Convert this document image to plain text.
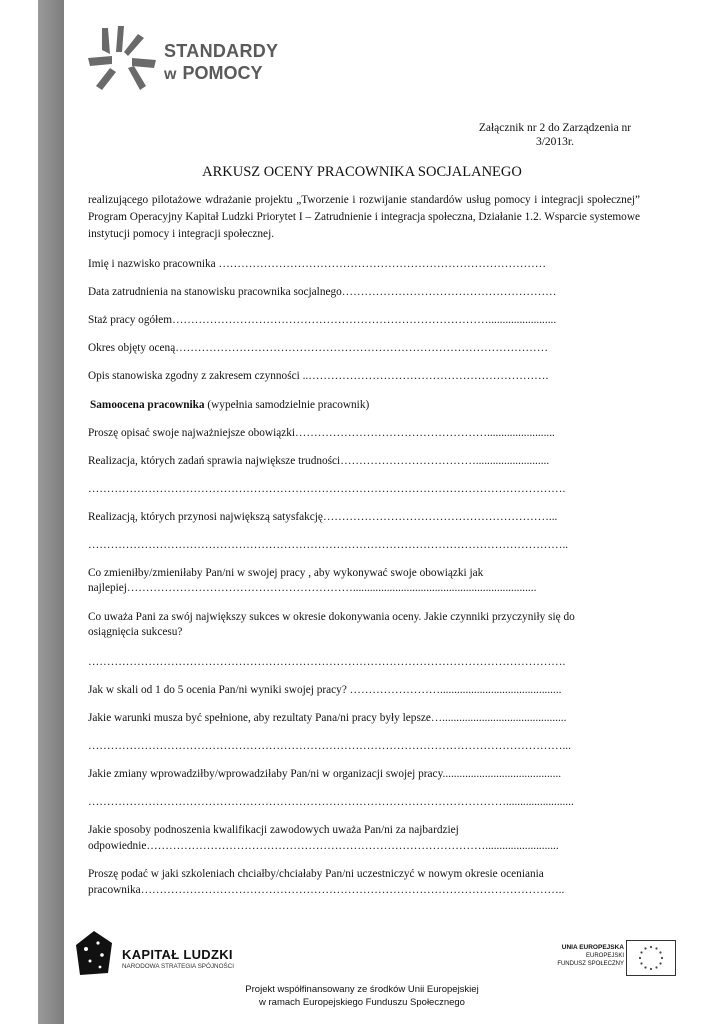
STANDARDY
w POMOCY
Załącznik nr 2 do Zarządzenia nr
3/2013r.
ARKUSZ OCENY PRACOWNIKA SOCJALANEGO
realizującego pilotażowe wdrażanie projektu „Tworzenie i rozwijanie standardów usług pomocy i integracji społecznej” Program Operacyjny Kapitał Ludzki Priorytet I – Zatrudnienie i integracja społeczna, Działanie 1.2. Wsparcie systemowe instytucji pomocy i integracji społecznej.
Imię i nazwisko pracownika ……………………………………………………………………………
Data zatrudnienia na stanowisku pracownika socjalnego…………………………………………………
Staż pracy ogółem…………………………………………………………………………........................
Okres objęty oceną………………………………………………………………………………………
Opis stanowiska zgodny z zakresem czynności ..……………………………………………………….
Samoocena pracownika (wypełnia samodzielnie pracownik)
Proszę opisać swoje najważniejsze obowiązki……………………………………………........................
Realizacja, których zadań sprawia największe trudności………………………………..........................
……………………………………………………………………………………………………………….
Realizacją, których przynosi największą satysfakcję……………………………………………………...
………………………………………………………………………………………………………………..
Co zmieniłby/zmieniłaby Pan/ni w swojej pracy , aby wykonywać swoje obowiązki jak
najlepiej…………………………………………………….................................................................
Co uważa Pani za swój największy sukces w okresie dokonywania oceny. Jakie czynniki przyczyniły się do
osiągnięcia sukcesu?
……………………………………………………………………………………………………………….
Jak w skali od 1 do 5 ocenia Pan/ni wyniki swojej pracy? ……………………...........................................
Jakie warunki musza być spełnione, aby rezultaty Pana/ni pracy były lepsze…............................................
………………………………………………………………………………………………………………...
Jakie zmiany wprowadziłby/wprowadziłaby Pan/ni w organizacji swojej pracy..........................................
…………………………………………………………………………………………………........................
Jakie sposoby podnoszenia kwalifikacji zawodowych uważa Pan/ni za najbardziej
odpowiednie………………………………………………………………………………..........................
Proszę podać w jaki szkoleniach chciałby/chciałaby Pan/ni uczestniczyć w nowym okresie oceniania
pracownika…………………………………………………………………………………………………..
KAPITAŁ LUDZKI
NARODOWA STRATEGIA SPÓJNOŚCI
UNIA EUROPEJSKA
EUROPEJSKI
FUNDUSZ SPOŁECZNY
Projekt współfinansowany ze środków Unii Europejskiej
w ramach Europejskiego Funduszu Społecznego
